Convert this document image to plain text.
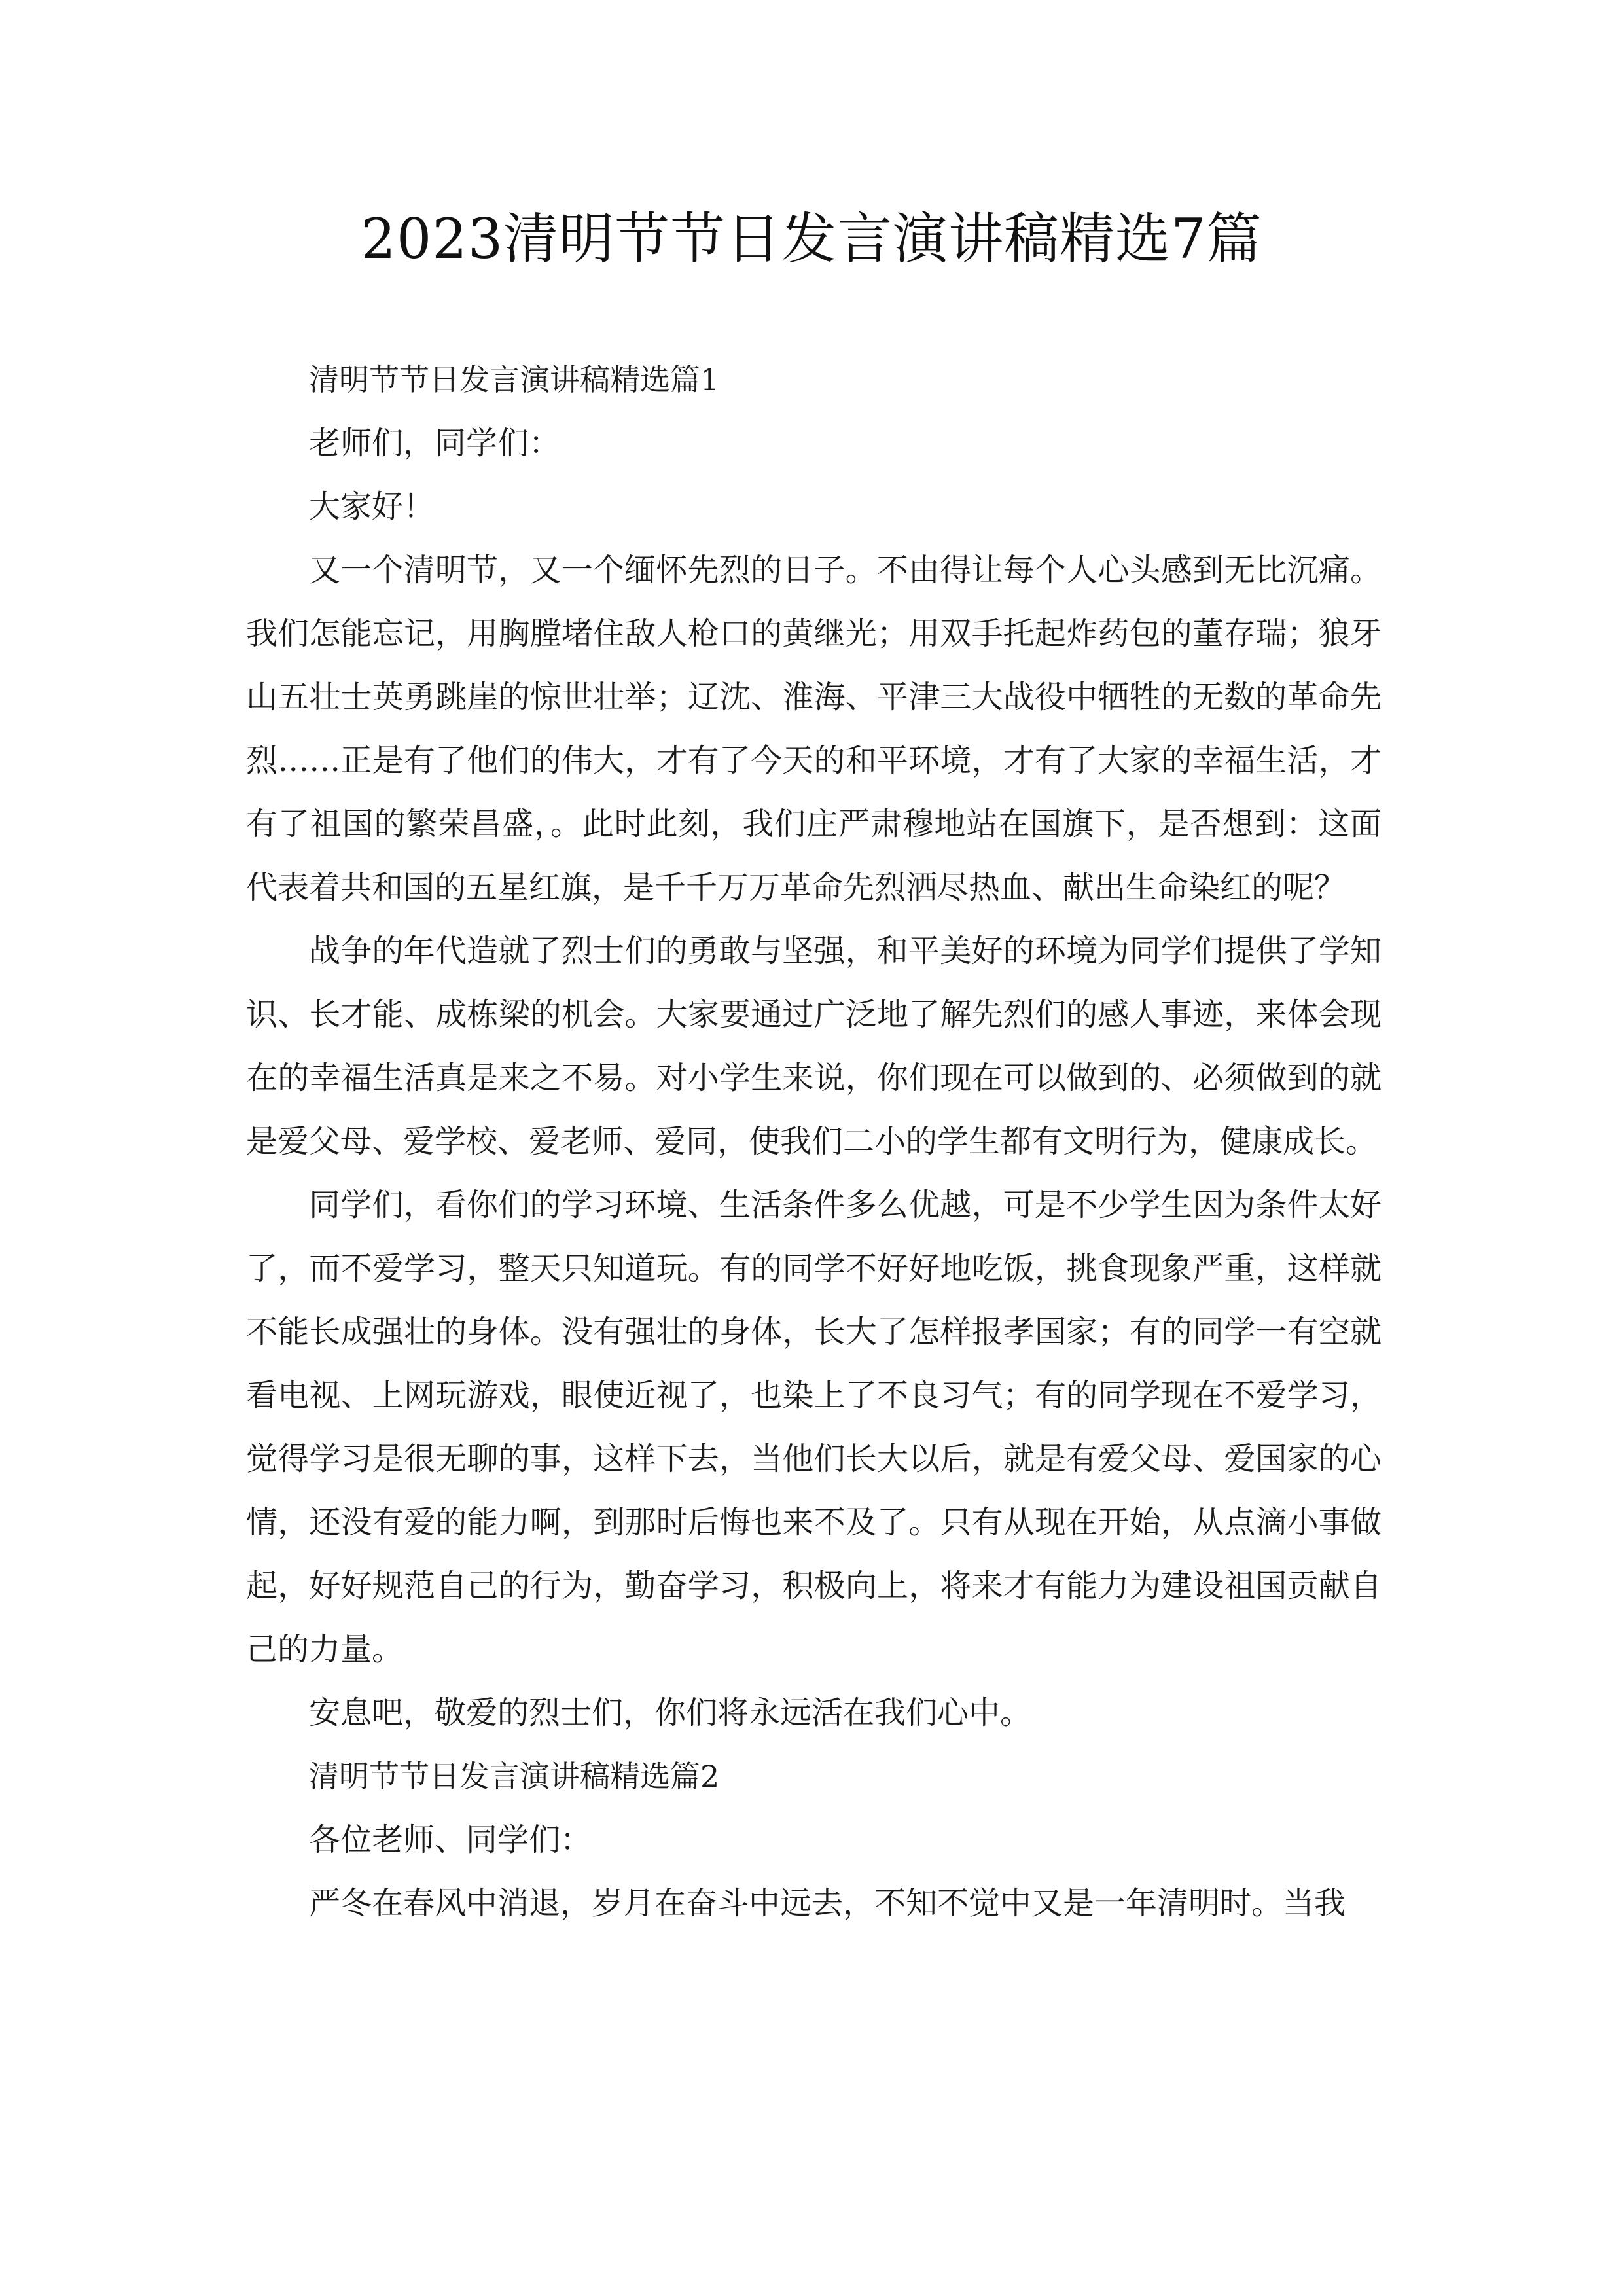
2023清明节节日发言演讲稿精选7篇

清明节节日发言演讲稿精选篇1

老师们，同学们：

大家好！

又一个清明节，又一个缅怀先烈的日子。不由得让每个人心头感到无比沉痛。我们怎能忘记，用胸膛堵住敌人枪口的黄继光；用双手托起炸药包的董存瑞；狼牙山五壮士英勇跳崖的惊世壮举；辽沈、淮海、平津三大战役中牺牲的无数的革命先烈……正是有了他们的伟大，才有了今天的和平环境，才有了大家的幸福生活，才有了祖国的繁荣昌盛，。此时此刻，我们庄严肃穆地站在国旗下，是否想到：这面代表着共和国的五星红旗，是千千万万革命先烈洒尽热血、献出生命染红的呢？

战争的年代造就了烈士们的勇敢与坚强，和平美好的环境为同学们提供了学知识、长才能、成栋梁的机会。大家要通过广泛地了解先烈们的感人事迹，来体会现在的幸福生活真是来之不易。对小学生来说，你们现在可以做到的、必须做到的就是爱父母、爱学校、爱老师、爱同，使我们二小的学生都有文明行为，健康成长。

同学们，看你们的学习环境、生活条件多么优越，可是不少学生因为条件太好了，而不爱学习，整天只知道玩。有的同学不好好地吃饭，挑食现象严重，这样就不能长成强壮的身体。没有强壮的身体，长大了怎样报孝国家；有的同学一有空就看电视、上网玩游戏，眼使近视了，也染上了不良习气；有的同学现在不爱学习，觉得学习是很无聊的事，这样下去，当他们长大以后，就是有爱父母、爱国家的心情，还没有爱的能力啊，到那时后悔也来不及了。只有从现在开始，从点滴小事做起，好好规范自己的行为，勤奋学习，积极向上，将来才有能力为建设祖国贡献自己的力量。

安息吧，敬爱的烈士们，你们将永远活在我们心中。

清明节节日发言演讲稿精选篇2

各位老师、同学们：

严冬在春风中消退，岁月在奋斗中远去，不知不觉中又是一年清明时。当我
